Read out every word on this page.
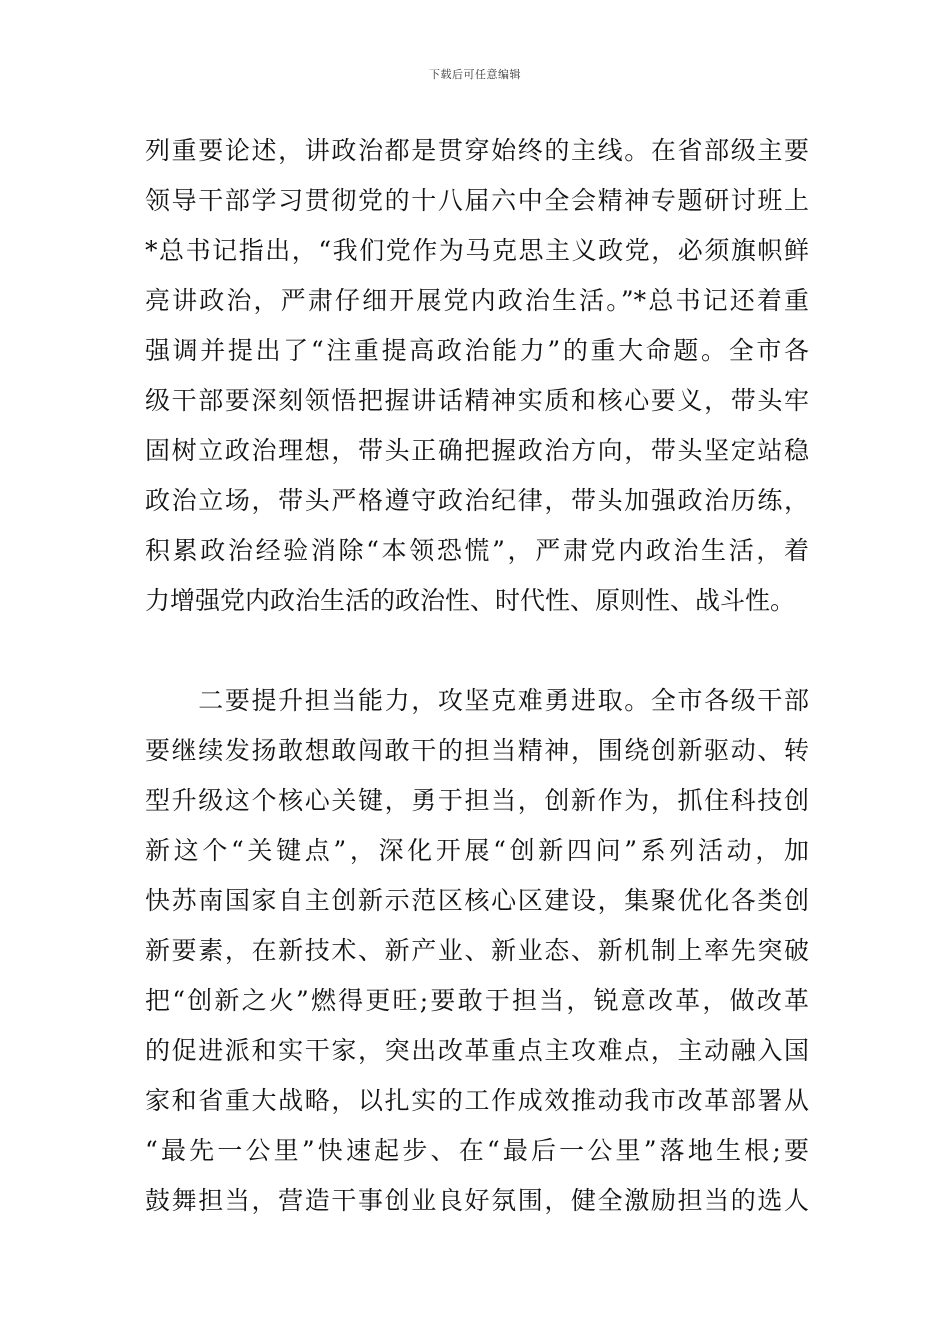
下载后可任意编辑
列重要论述，讲政治都是贯穿始终的主线。在省部级主要
领导干部学习贯彻党的十八届六中全会精神专题研讨班上
*总书记指出，“我们党作为马克思主义政党，必须旗帜鲜
亮讲政治，严肃仔细开展党内政治生活。”*总书记还着重
强调并提出了“注重提高政治能力”的重大命题。全市各
级干部要深刻领悟把握讲话精神实质和核心要义，带头牢
固树立政治理想，带头正确把握政治方向，带头坚定站稳
政治立场，带头严格遵守政治纪律，带头加强政治历练，
积累政治经验消除“本领恐慌”，严肃党内政治生活，着
力增强党内政治生活的政治性、时代性、原则性、战斗性。
　　二要提升担当能力，攻坚克难勇进取。全市各级干部
要继续发扬敢想敢闯敢干的担当精神，围绕创新驱动、转
型升级这个核心关键，勇于担当，创新作为，抓住科技创
新这个“关键点”，深化开展“创新四问”系列活动，加
快苏南国家自主创新示范区核心区建设，集聚优化各类创
新要素，在新技术、新产业、新业态、新机制上率先突破
把“创新之火”燃得更旺;要敢于担当，锐意改革，做改革
的促进派和实干家，突出改革重点主攻难点，主动融入国
家和省重大战略，以扎实的工作成效推动我市改革部署从
“最先一公里”快速起步、在“最后一公里”落地生根;要
鼓舞担当，营造干事创业良好氛围，健全激励担当的选人
